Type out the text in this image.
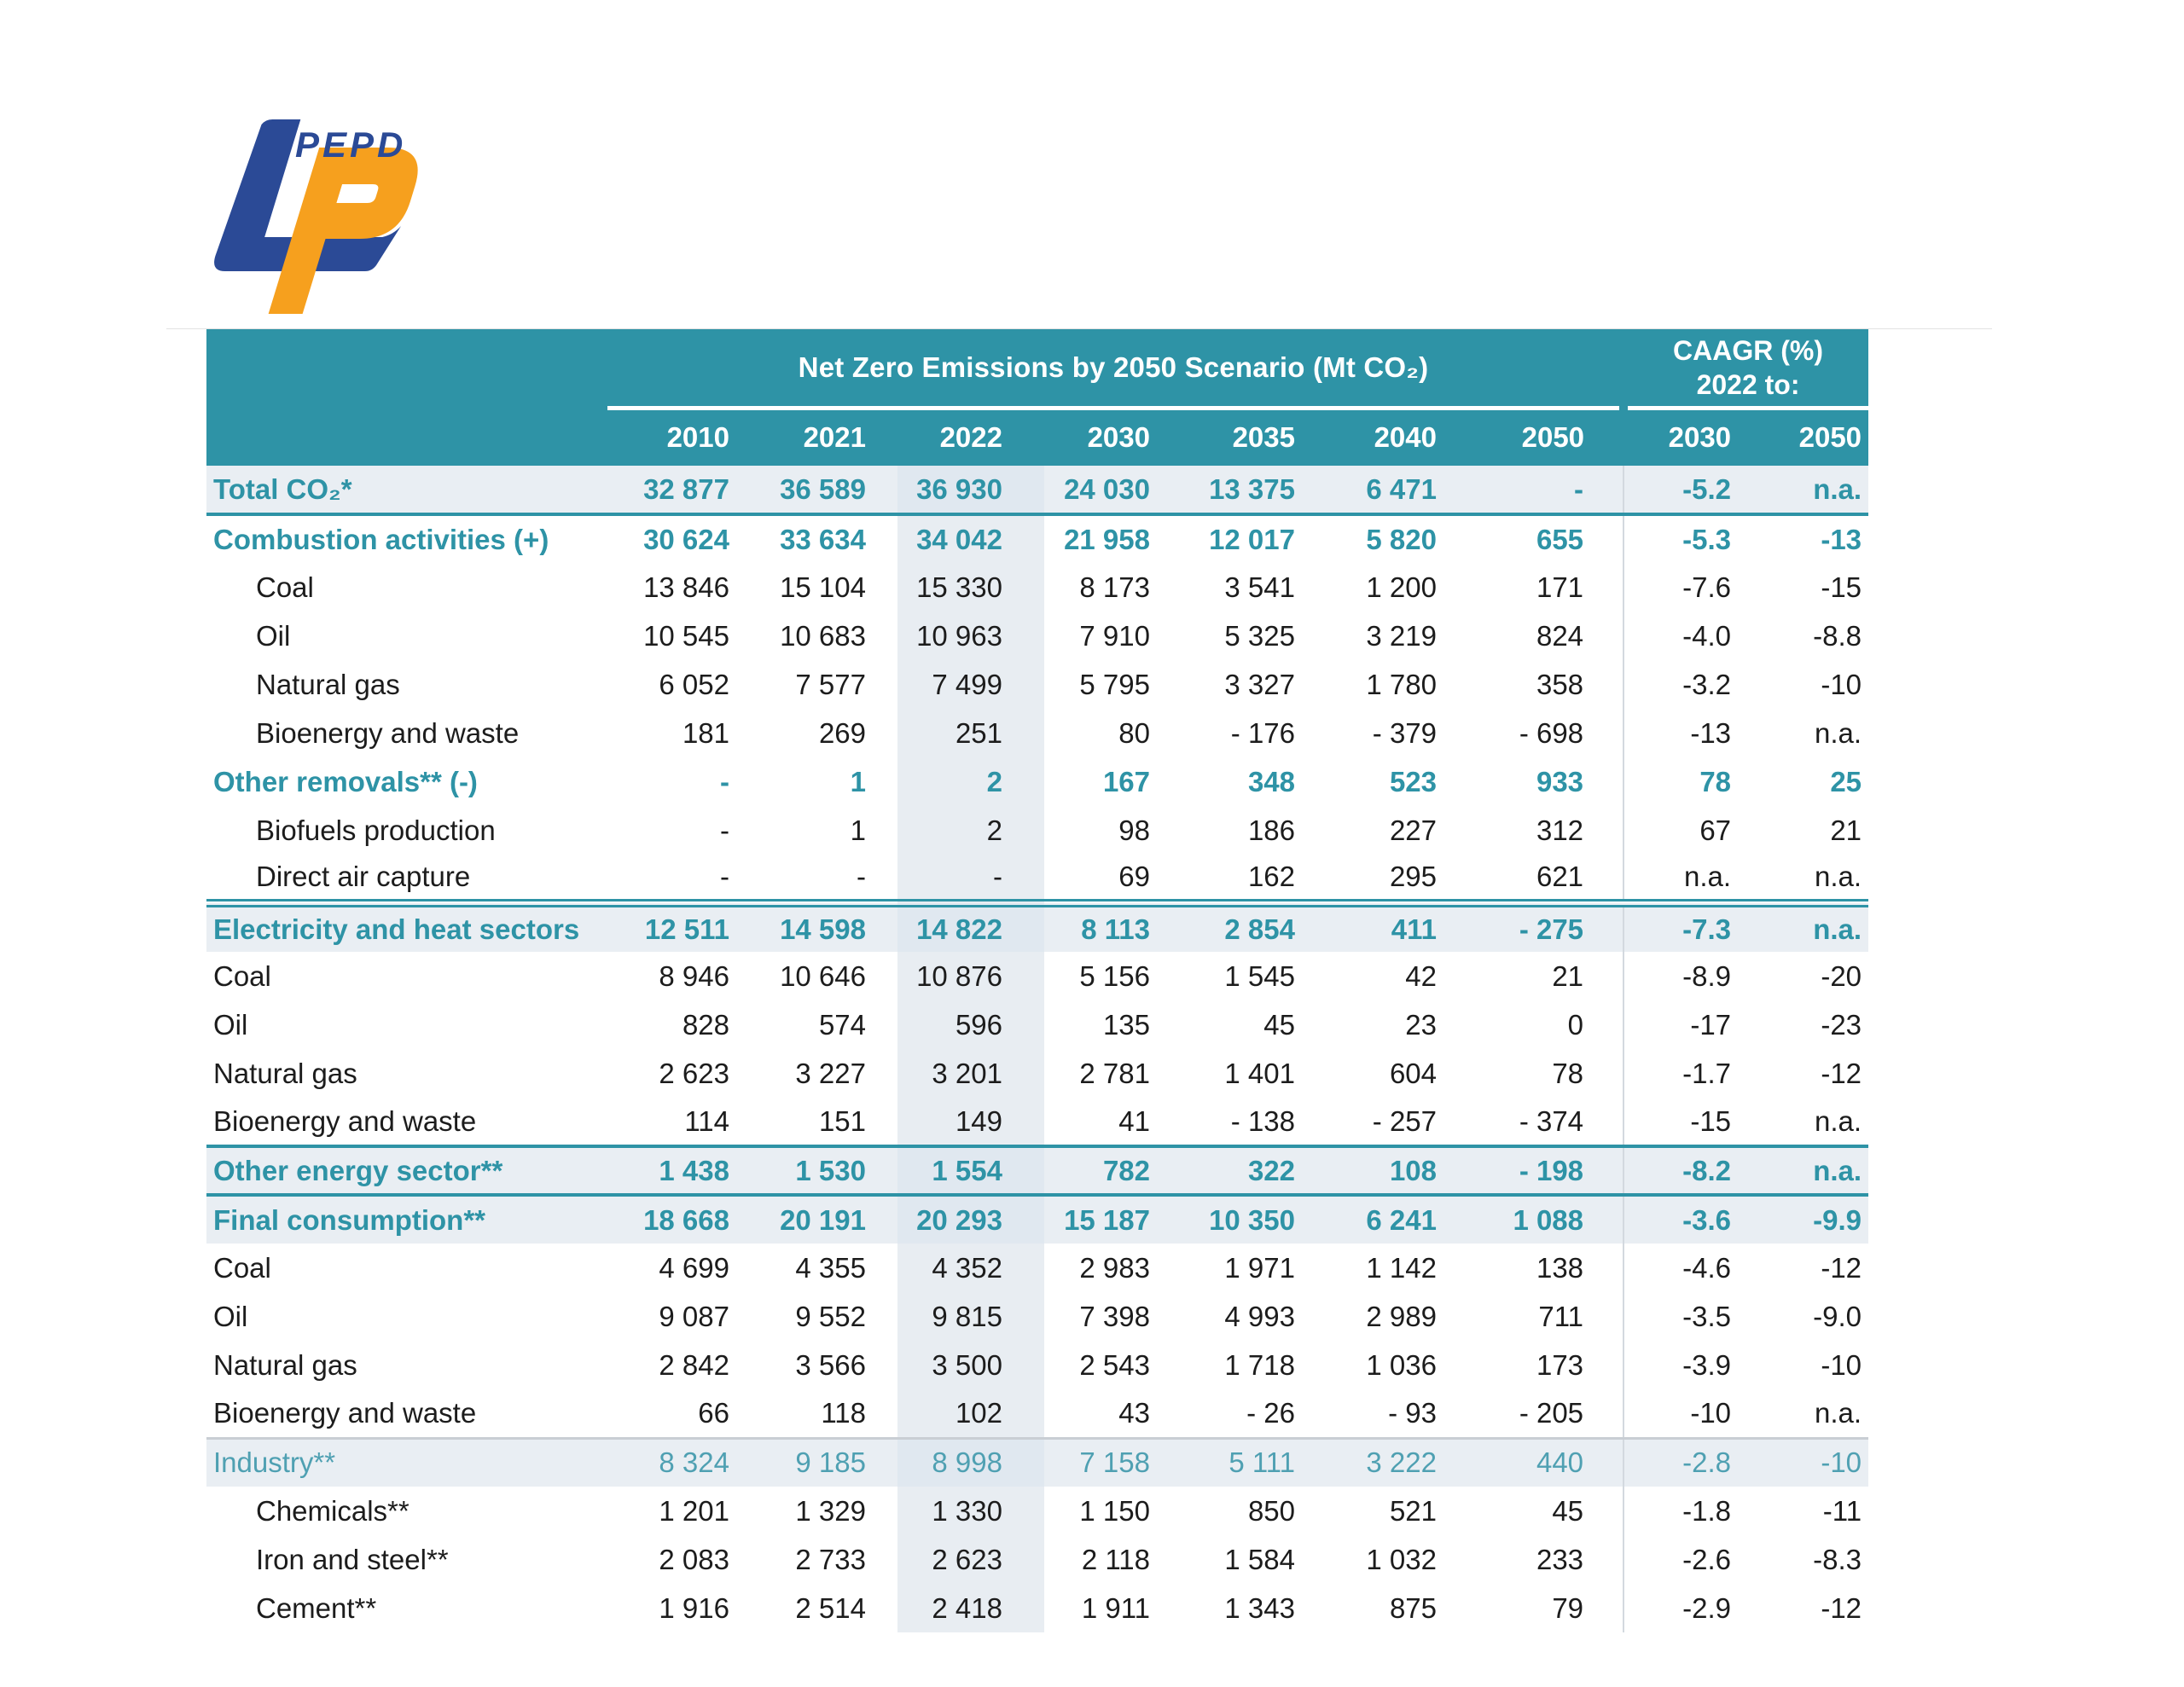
PEPD
	Net Zero Emissions by 2050 Scenario (Mt CO₂)							CAAGR (%)
2022 to:	

	2010	2021	2022	2030	2035	2040	2050	2030	2050
Total CO₂*	32 877	36 589	36 930	24 030	13 375	6 471	-	-5.2	n.a.
Combustion activities (+)	30 624	33 634	34 042	21 958	12 017	5 820	655	-5.3	-13
Coal	13 846	15 104	15 330	8 173	3 541	1 200	171	-7.6	-15
Oil	10 545	10 683	10 963	7 910	5 325	3 219	824	-4.0	-8.8
Natural gas	6 052	7 577	7 499	5 795	3 327	1 780	358	-3.2	-10
Bioenergy and waste	181	269	251	80	- 176	- 379	- 698	-13	n.a.
Other removals** (-)	-	1	2	167	348	523	933	78	25
Biofuels production	-	1	2	98	186	227	312	67	21
Direct air capture	-	-	-	69	162	295	621	n.a.	n.a.
Electricity and heat sectors	12 511	14 598	14 822	8 113	2 854	411	- 275	-7.3	n.a.
Coal	8 946	10 646	10 876	5 156	1 545	42	21	-8.9	-20
Oil	828	574	596	135	45	23	0	-17	-23
Natural gas	2 623	3 227	3 201	2 781	1 401	604	78	-1.7	-12
Bioenergy and waste	114	151	149	41	- 138	- 257	- 374	-15	n.a.
Other energy sector**	1 438	1 530	1 554	782	322	108	- 198	-8.2	n.a.
Final consumption**	18 668	20 191	20 293	15 187	10 350	6 241	1 088	-3.6	-9.9
Coal	4 699	4 355	4 352	2 983	1 971	1 142	138	-4.6	-12
Oil	9 087	9 552	9 815	7 398	4 993	2 989	711	-3.5	-9.0
Natural gas	2 842	3 566	3 500	2 543	1 718	1 036	173	-3.9	-10
Bioenergy and waste	66	118	102	43	- 26	- 93	- 205	-10	n.a.
Industry**	8 324	9 185	8 998	7 158	5 111	3 222	440	-2.8	-10
Chemicals**	1 201	1 329	1 330	1 150	850	521	45	-1.8	-11
Iron and steel**	2 083	2 733	2 623	2 118	1 584	1 032	233	-2.6	-8.3
Cement**	1 916	2 514	2 418	1 911	1 343	875	79	-2.9	-12
